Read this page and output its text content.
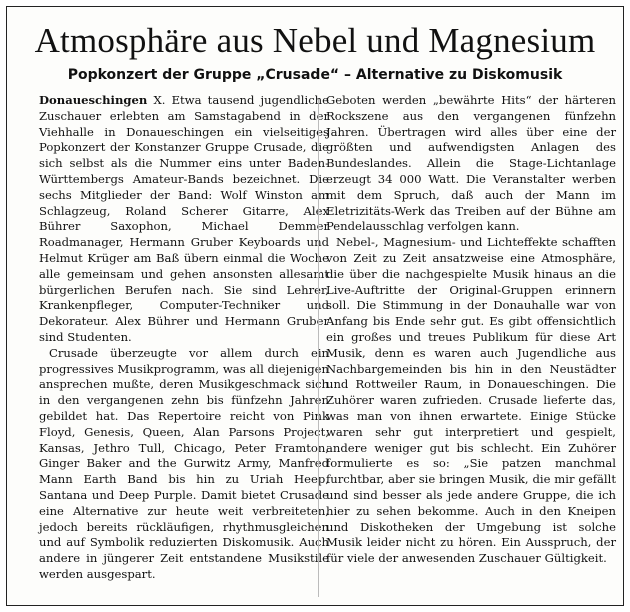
Atmosphäre aus Nebel und Magnesium
Popkonzert der Gruppe „Crusade“ – Alternative zu Diskomusik

Donaueschingen X. Etwa tausend jugendliche Zuschauer erlebten am Samstagabend in der Viehhalle in Donaueschingen ein vielseitiges Popkonzert der Konstanzer Gruppe Crusade, die sich selbst als die Nummer eins unter Baden-Württembergs Amateur-Bands bezeichnet. Die sechs Mitglieder der Band: Wolf Winston am Schlagzeug, Roland Scherer Gitarre, Alex Bührer Saxophon, Michael Demmer Roadmanager, Hermann Gruber Keyboards und Helmut Krüger am Baß übern einmal die Woche alle gemeinsam und gehen ansonsten allesamt bürgerlichen Berufen nach. Sie sind Lehrer, Krankenpfleger, Computer-Techniker und Dekorateur. Alex Bührer und Hermann Gruber sind Studenten.

Crusade überzeugte vor allem durch ein progressives Musikprogramm, was all diejenigen ansprechen mußte, deren Musikgeschmack sich in den vergangenen zehn bis fünfzehn Jahren gebildet hat. Das Repertoire reicht von Pink Floyd, Genesis, Queen, Alan Parsons Project, Kansas, Jethro Tull, Chicago, Peter Framton, Ginger Baker and the Gurwitz Army, Manfred Mann Earth Band bis hin zu Uriah Heep, Santana und Deep Purple. Damit bietet Crusade eine Alternative zur heute weit verbreiteten, jedoch bereits rückläufigen, rhythmusgleichen und auf Symbolik reduzierten Diskomusik. Auch andere in jüngerer Zeit entstandene Musikstile werden ausgespart.

Geboten werden „bewährte Hits“ der härteren Rockszene aus den vergangenen fünfzehn Jahren. Übertragen wird alles über eine der größten und aufwendigsten Anlagen des Bundeslandes. Allein die Stage-Lichtanlage erzeugt 34 000 Watt. Die Veranstalter werben mit dem Spruch, daß auch der Mann im Eletrizitäts-Werk das Treiben auf der Bühne am Pendelausschlag verfolgen kann.

Nebel-, Magnesium- und Lichteffekte schafften von Zeit zu Zeit ansatzweise eine Atmosphäre, die über die nachgespielte Musik hinaus an die Live-Auftritte der Original-Gruppen erinnern soll. Die Stimmung in der Donauhalle war von Anfang bis Ende sehr gut. Es gibt offensichtlich ein großes und treues Publikum für diese Art Musik, denn es waren auch Jugendliche aus Nachbargemeinden bis hin in den Neustädter und Rottweiler Raum, in Donaueschingen. Die Zuhörer waren zufrieden. Crusade lieferte das, was man von ihnen erwartete. Einige Stücke waren sehr gut interpretiert und gespielt, andere weniger gut bis schlecht. Ein Zuhörer formulierte es so: „Sie patzen manchmal furchtbar, aber sie bringen Musik, die mir gefällt und sind besser als jede andere Gruppe, die ich hier zu sehen bekomme. Auch in den Kneipen und Diskotheken der Umgebung ist solche Musik leider nicht zu hören. Ein Ausspruch, der für viele der anwesenden Zuschauer Gültigkeit.
